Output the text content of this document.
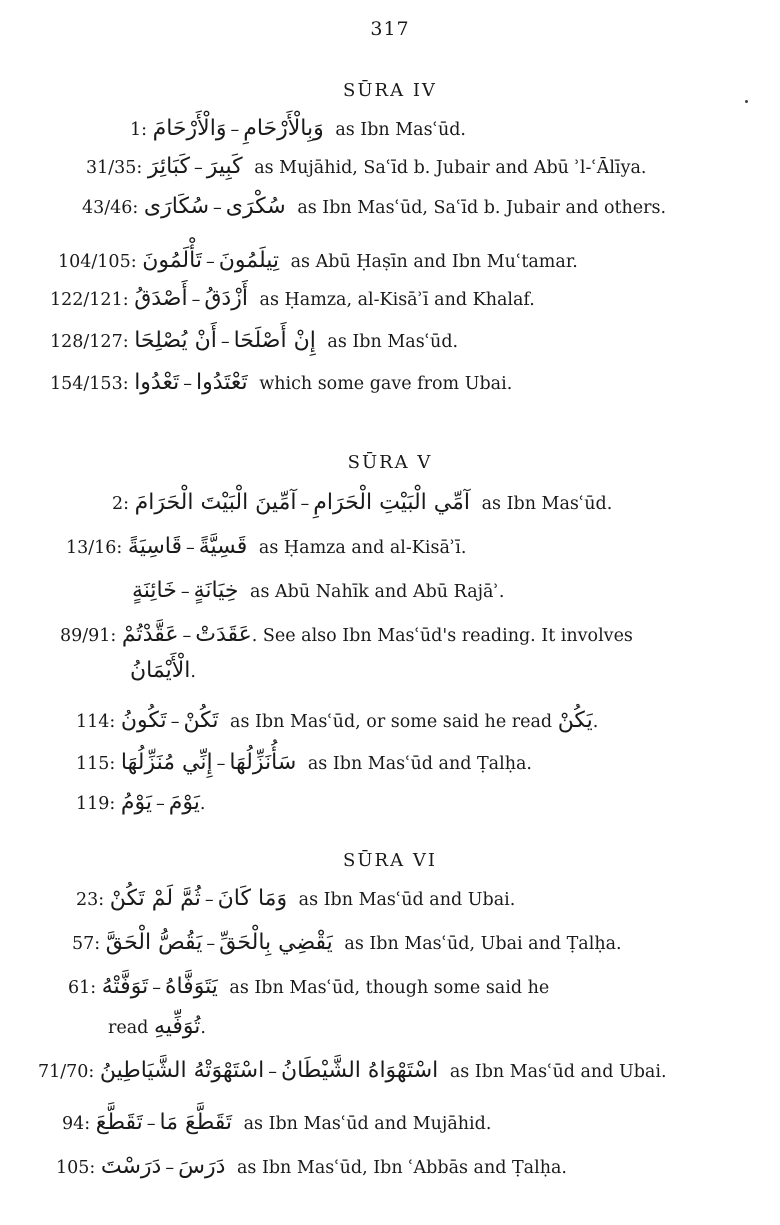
317
SŪRA IV
1: وَالْأَرْحَامَ – وَبِالْأَرْحَامِ as Ibn Masʿūd.
31/35: كَبَائِرَ – كَبِيرَ as Mujāhid, Saʿīd b. Jubair and Abū ʾl-ʿĀlīya.
43/46: سُكَارَى – سُكْرَى as Ibn Masʿūd, Saʿīd b. Jubair and others.
104/105: تَأْلَمُونَ – تِيلَمُونَ as Abū Ḥaṣīn and Ibn Muʿtamar.
122/121: أَصْدَقُ – أَزْدَقُ as Ḥamza, al-Kisāʾī and Khalaf.
128/127: أَنْ يُصْلِحَا – إِنْ أَصْلَحَا as Ibn Masʿūd.
154/153: تَعْدُوا – تَعْتَدُوا which some gave from Ubai.
SŪRA V
2: آمِّينَ الْبَيْتَ الْحَرَامَ – آمِّي الْبَيْتِ الْحَرَامِ as Ibn Masʿūd.
13/16: قَاسِيَةً – قَسِيَّةً as Ḥamza and al-Kisāʾī.
خَائِنَةٍ – خِيَانَةٍ as Abū Nahīk and Abū Rajāʾ.
89/91: عَقَّدْتُمْ – عَقَدَتْ. See also Ibn Masʿūd's reading. It involves
الْأَيْمَانُ.
114: تَكُونُ – تَكُنْ as Ibn Masʿūd, or some said he read يَكُنْ.
115: إِنِّي مُنَزِّلُهَا – سَأُنَزِّلُهَا as Ibn Masʿūd and Ṭalḥa.
119: يَوْمُ – يَوْمَ.
SŪRA VI
23: ثُمَّ لَمْ تَكُنْ – وَمَا كَانَ as Ibn Masʿūd and Ubai.
57: يَقُصُّ الْحَقَّ – يَقْضِي بِالْحَقِّ as Ibn Masʿūd, Ubai and Ṭalḥa.
61: تَوَفَّتْهُ – يَتَوَفَّاهُ as Ibn Masʿūd, though some said he
read تُوَفِّيهِ.
71/70: اسْتَهْوَتْهُ الشَّيَاطِينُ – اسْتَهْوَاهُ الشَّيْطَانُ as Ibn Masʿūd and Ubai.
94: تَقَطَّعَ – تَقَطَّعَ مَا as Ibn Masʿūd and Mujāhid.
105: دَرَسْتَ – دَرَسَ as Ibn Masʿūd, Ibn ʿAbbās and Ṭalḥa.
